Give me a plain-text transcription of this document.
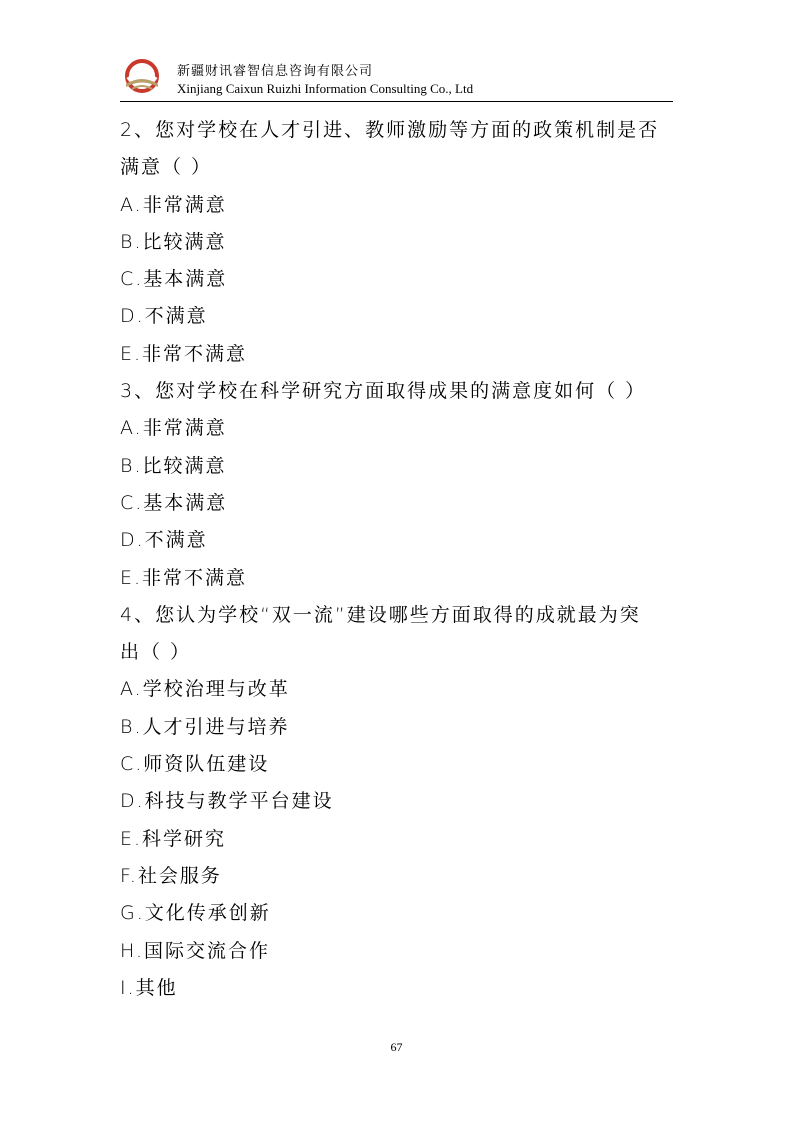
新疆财讯睿智信息咨询有限公司
Xinjiang Caixun Ruizhi Information Consulting Co., Ltd
2、您对学校在人才引进、教师激励等方面的政策机制是否
满意（ ）
A.非常满意
B.比较满意
C.基本满意
D.不满意
E.非常不满意
3、您对学校在科学研究方面取得成果的满意度如何（ ）
A.非常满意
B.比较满意
C.基本满意
D.不满意
E.非常不满意
4、您认为学校“双一流”建设哪些方面取得的成就最为突
出（ ）
A.学校治理与改革
B.人才引进与培养
C.师资队伍建设
D.科技与教学平台建设
E.科学研究
F.社会服务
G.文化传承创新
H.国际交流合作
I.其他
67
